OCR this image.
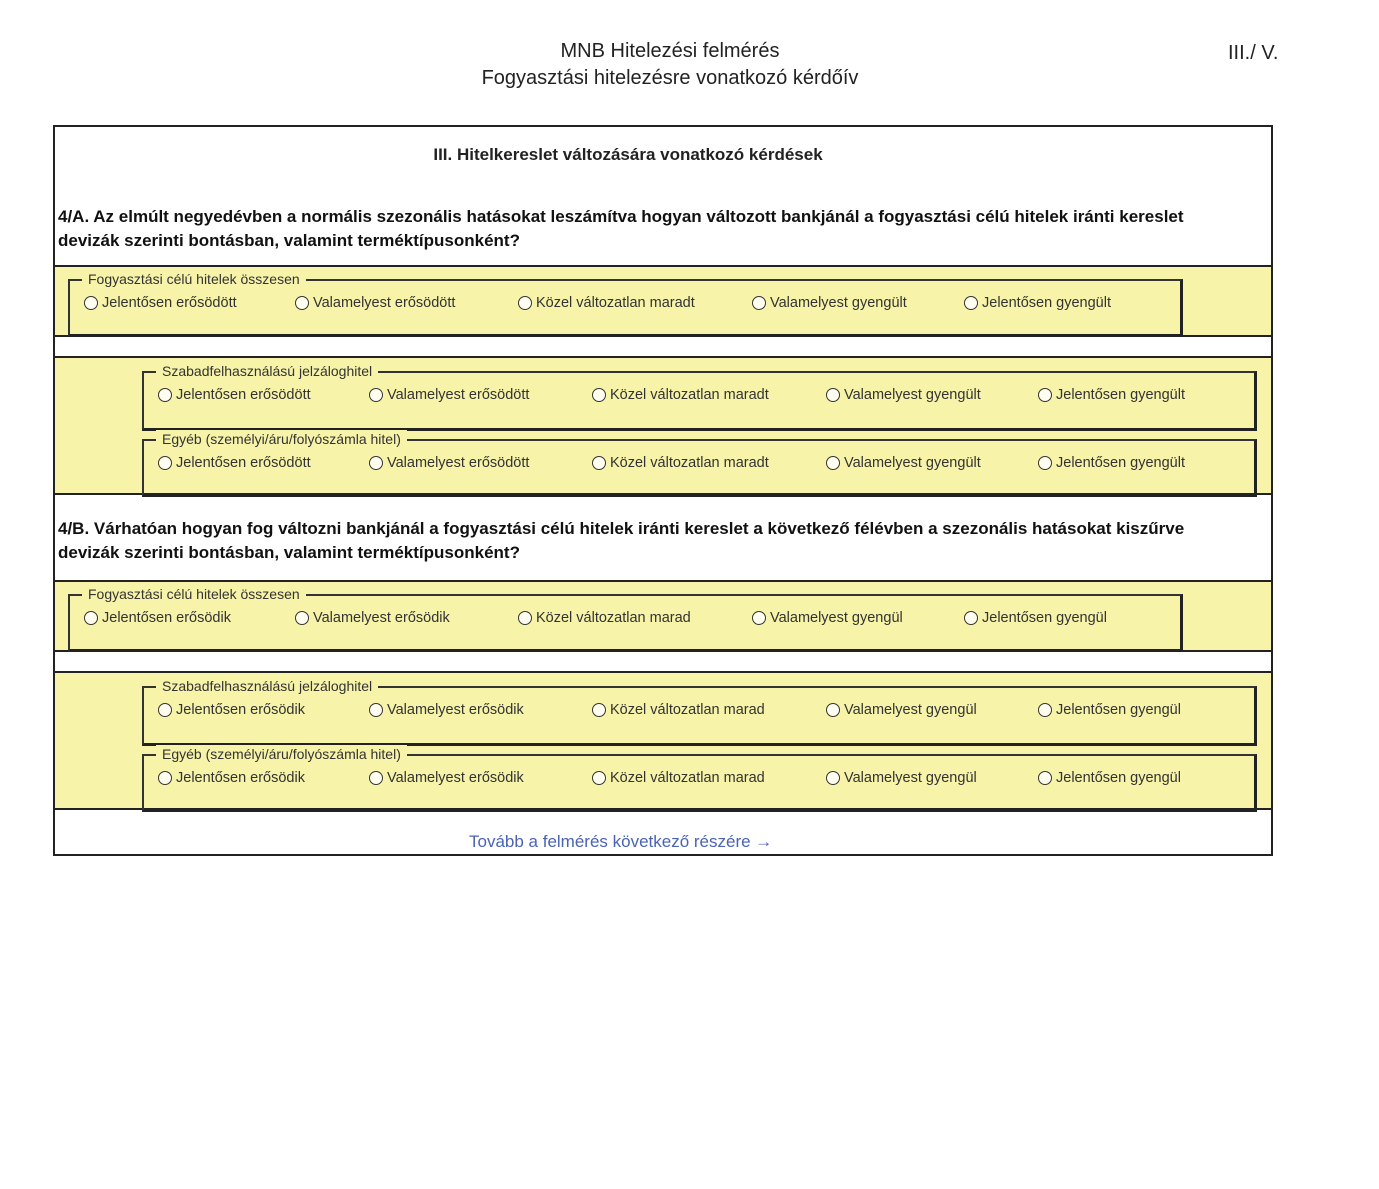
MNB Hitelezési felmérés
Fogyasztási hitelezésre vonatkozó kérdőív
III./ V.
III. Hitelkereslet változására vonatkozó kérdések
4/A. Az elmúlt negyedévben a normális szezonális hatásokat leszámítva hogyan változott bankjánál a fogyasztási célú hitelek iránti kereslet
devizák szerinti bontásban, valamint terméktípusonként?
Fogyasztási célú hitelek összesen
Jelentősen erősödött	Valamelyest erősödött	Közel változatlan maradt	Valamelyest gyengült	Jelentősen gyengült
Szabadfelhasználású jelzáloghitel
Jelentősen erősödött	Valamelyest erősödött	Közel változatlan maradt	Valamelyest gyengült	Jelentősen gyengült
Egyéb (személyi/áru/folyószámla hitel)
Jelentősen erősödött	Valamelyest erősödött	Közel változatlan maradt	Valamelyest gyengült	Jelentősen gyengült
4/B. Várhatóan hogyan fog változni bankjánál a fogyasztási célú hitelek iránti kereslet a következő félévben a szezonális hatásokat kiszűrve
devizák szerinti bontásban, valamint terméktípusonként?
Fogyasztási célú hitelek összesen
Jelentősen erősödik	Valamelyest erősödik	Közel változatlan marad	Valamelyest gyengül	Jelentősen gyengül
Szabadfelhasználású jelzáloghitel
Jelentősen erősödik	Valamelyest erősödik	Közel változatlan marad	Valamelyest gyengül	Jelentősen gyengül
Egyéb (személyi/áru/folyószámla hitel)
Jelentősen erősödik	Valamelyest erősödik	Közel változatlan marad	Valamelyest gyengül	Jelentősen gyengül
Tovább a felmérés következő részére →
